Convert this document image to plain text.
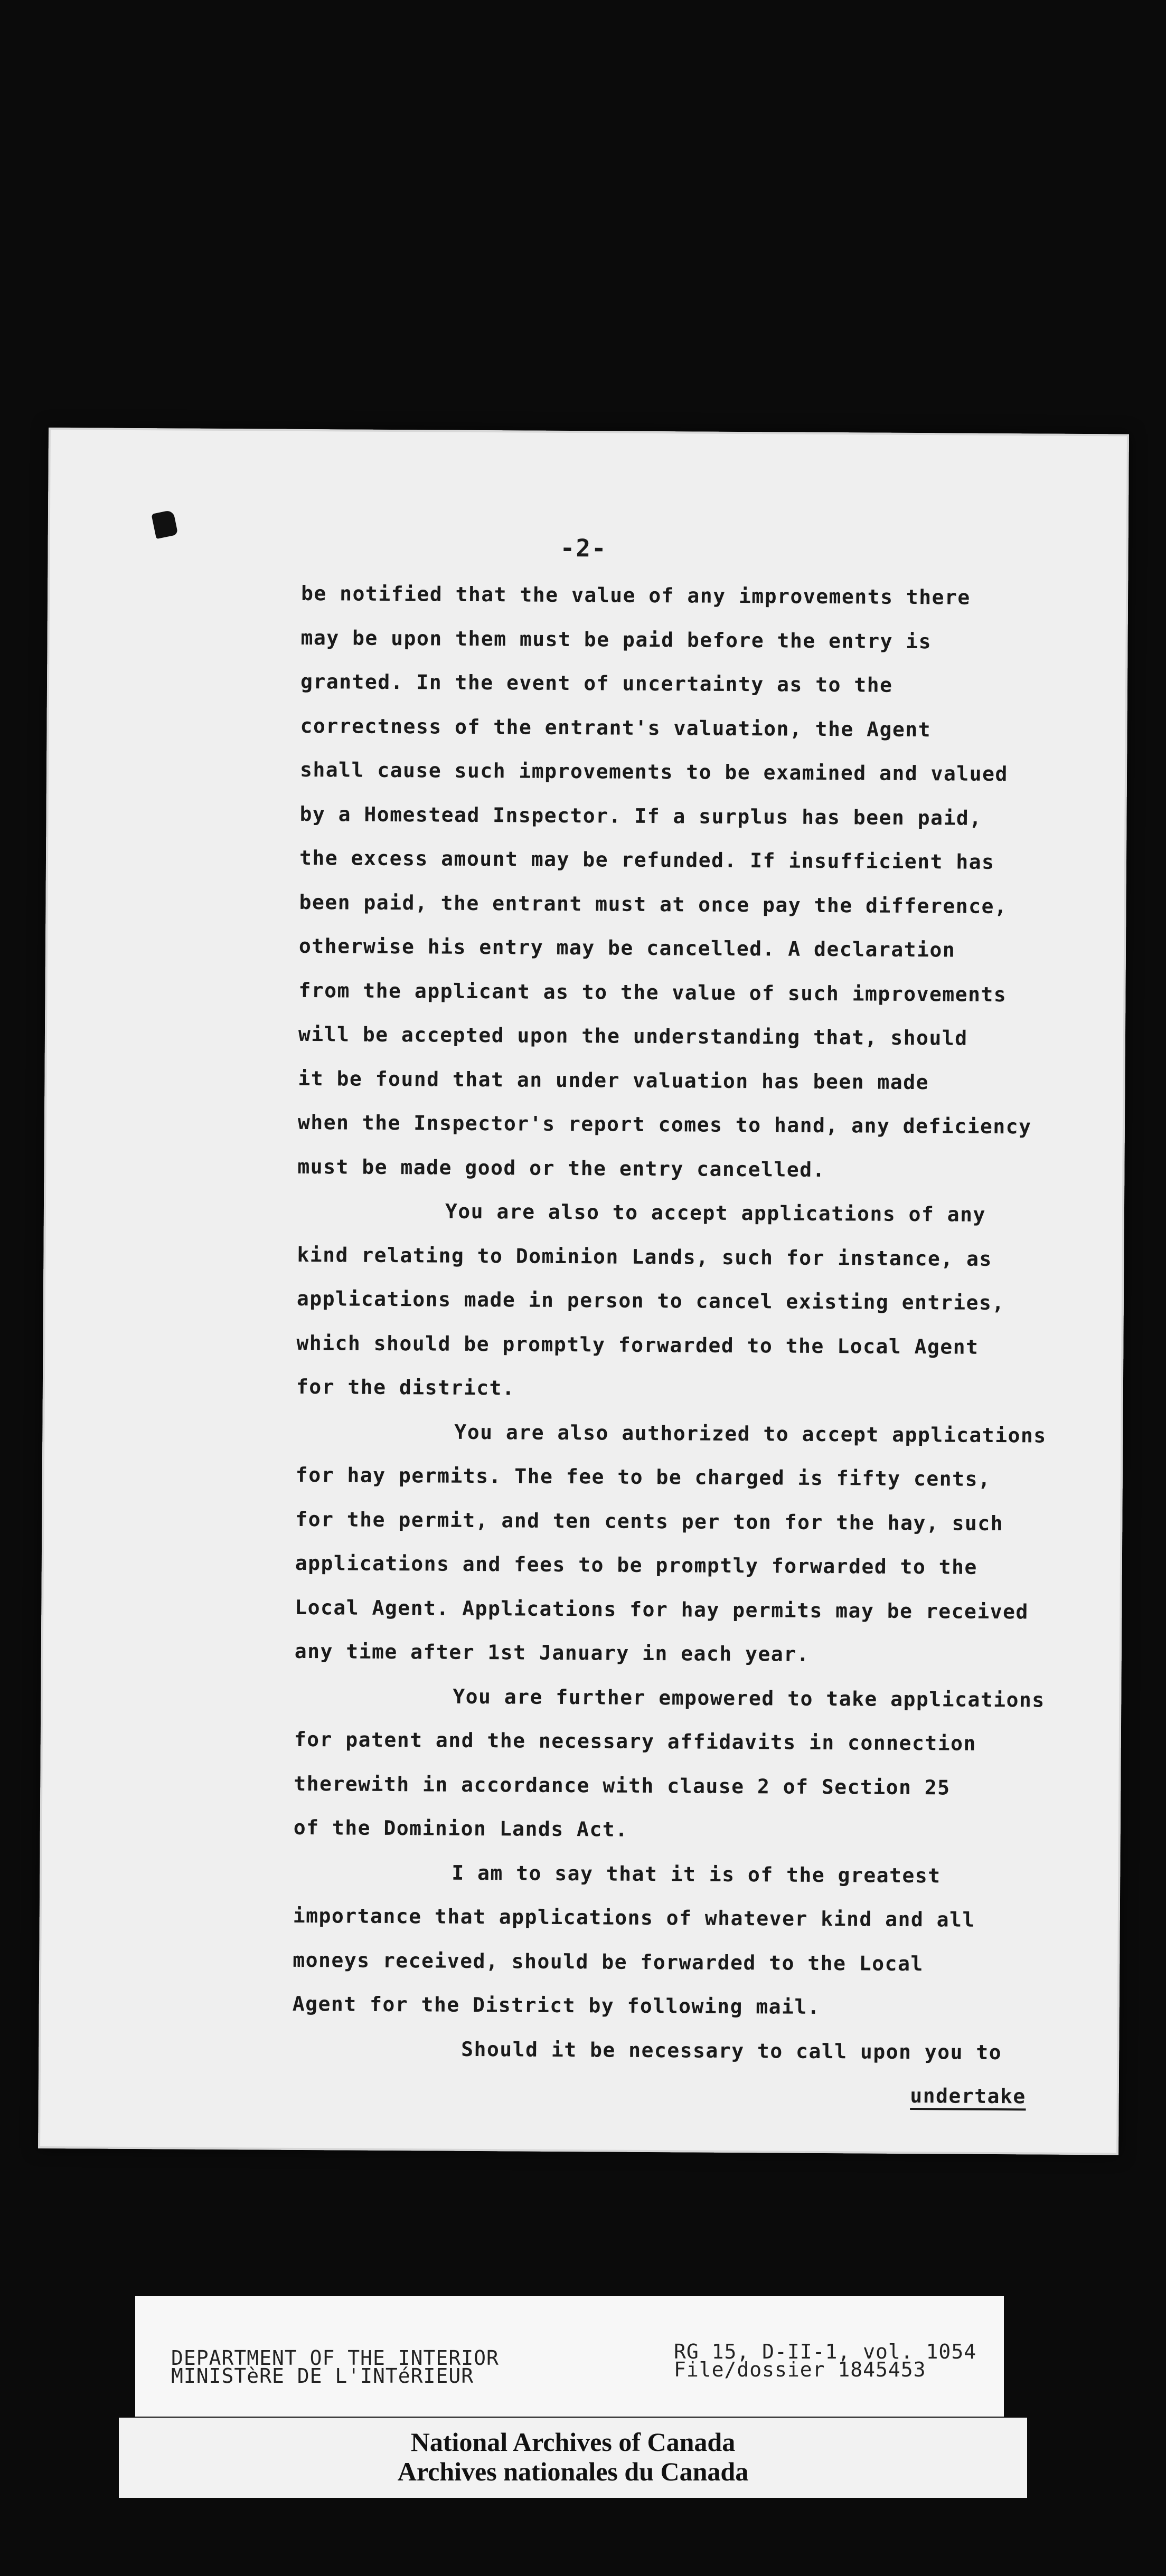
-2-
be notified that the value of any improvements there
may be upon them must be paid before the entry is
granted. In the event of uncertainty as to the
correctness of the entrant's valuation, the Agent
shall cause such improvements to be examined and valued
by a Homestead Inspector. If a surplus has been paid,
the excess amount may be refunded. If insufficient has
been paid, the entrant must at once pay the difference,
otherwise his entry may be cancelled. A declaration
from the applicant as to the value of such improvements
will be accepted upon the understanding that, should
it be found that an under valuation has been made
when the Inspector's report comes to hand, any deficiency
must be made good or the entry cancelled.
You are also to accept applications of any
kind relating to Dominion Lands, such for instance, as
applications made in person to cancel existing entries,
which should be promptly forwarded to the Local Agent
for the district.
You are also authorized to accept applications
for hay permits. The fee to be charged is fifty cents,
for the permit, and ten cents per ton for the hay, such
applications and fees to be promptly forwarded to the
Local Agent. Applications for hay permits may be received
any time after 1st January in each year.
You are further empowered to take applications
for patent and the necessary affidavits in connection
therewith in accordance with clause 2 of Section 25
of the Dominion Lands Act.
I am to say that it is of the greatest
importance that applications of whatever kind and all
moneys received, should be forwarded to the Local
Agent for the District by following mail.
Should it be necessary to call upon you to
undertake
DEPARTMENT OF THE INTERIOR
MINISTèRE DE L'INTéRIEUR
RG 15, D-II-1, vol. 1054
File/dossier 1845453
National Archives of Canada
Archives nationales du Canada
